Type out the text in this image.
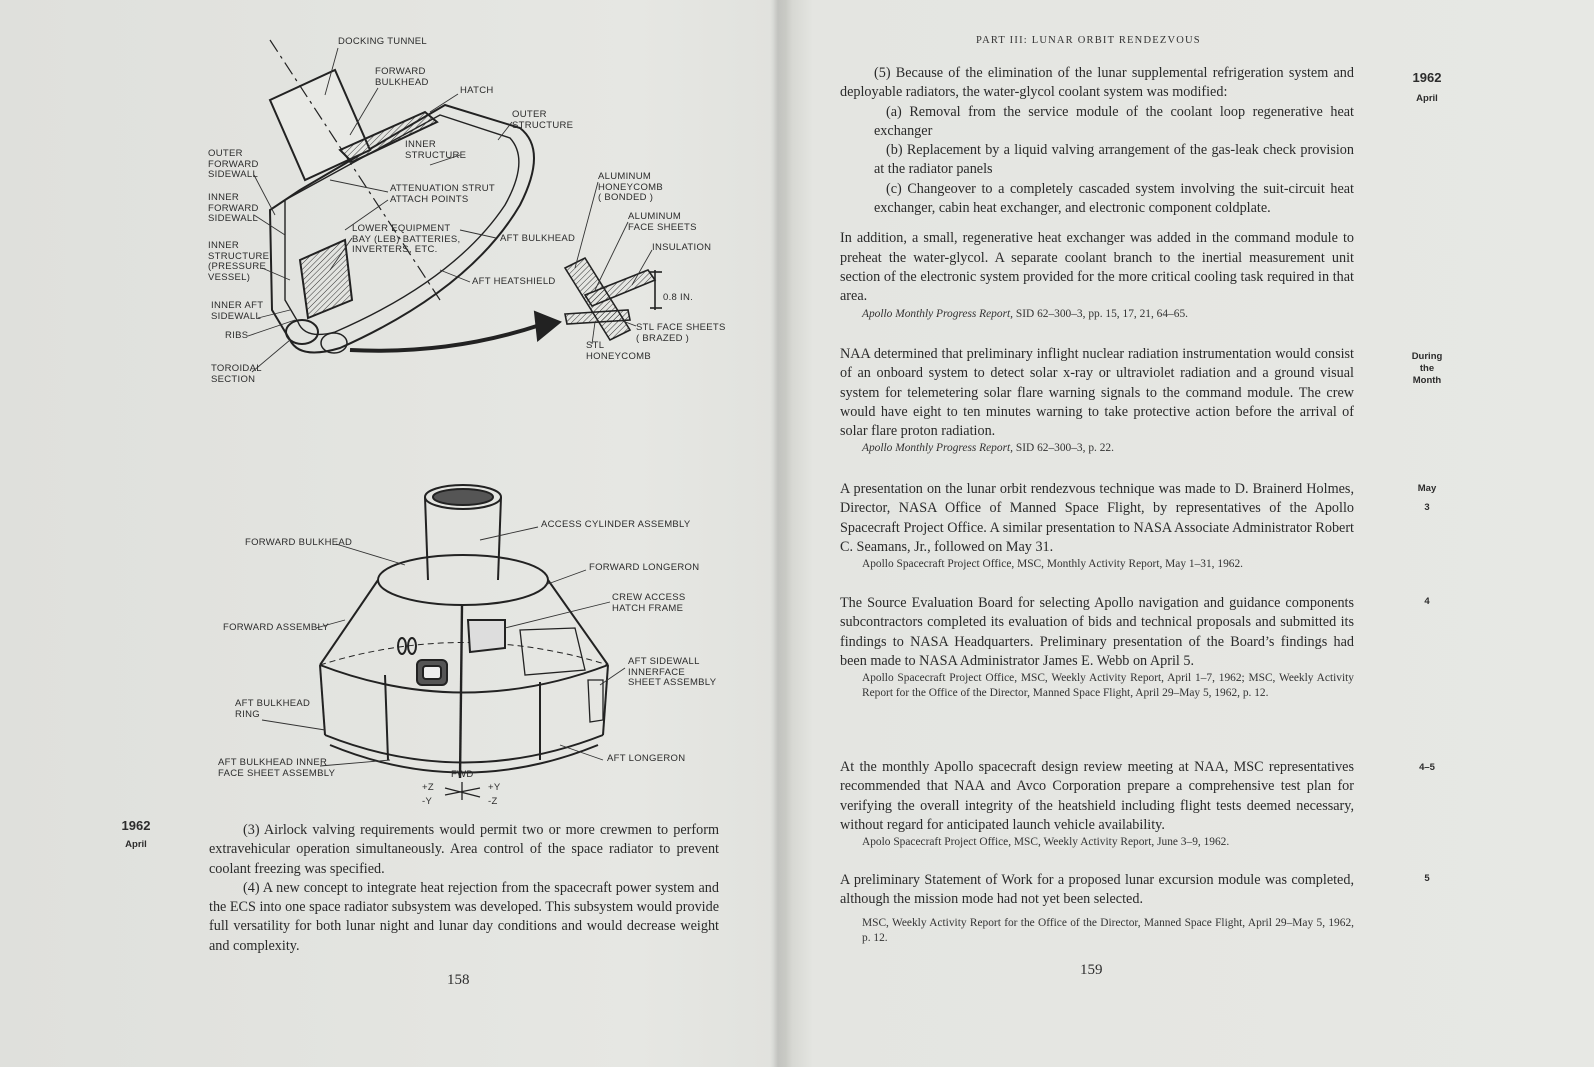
DOCKING TUNNEL
FORWARD
BULKHEAD
HATCH
OUTER
STRUCTURE
INNER
STRUCTURE
OUTER
FORWARD
SIDEWALL
ATTENUATION STRUT
ATTACH POINTS
INNER
FORWARD
SIDEWALL
LOWER EQUIPMENT
BAY (LEB) BATTERIES,
INVERTERS, ETC.
AFT BULKHEAD
INNER
STRUCTURE
(PRESSURE
VESSEL)	AFT HEATSHIELD
INNER AFT
SIDEWALL
RIBS
TOROIDAL
SECTION
ALUMINUM
HONEYCOMB
( BONDED )
ALUMINUM
FACE SHEETS
INSULATION
0.8 IN.
STL FACE SHEETS
( BRAZED )
STL
HONEYCOMB
ACCESS CYLINDER ASSEMBLY
FORWARD BULKHEAD
FORWARD LONGERON
CREW ACCESS
HATCH FRAME
FORWARD ASSEMBLY
AFT SIDEWALL
INNERFACE
SHEET ASSEMBLY
AFT BULKHEAD
RING
AFT LONGERON
AFT BULKHEAD INNER
FACE SHEET ASSEMBLY	FWD
+Z	+Y
-Y	-Z
1962
April

(3) Airlock valving requirements would permit two or more crewmen to perform extravehicular operation simultaneously. Area control of the space radiator to prevent coolant freezing was specified.

(4) A new concept to integrate heat rejection from the spacecraft power system and the ECS into one space radiator subsystem was developed. This subsystem would provide full versatility for both lunar night and lunar day conditions and would decrease weight and complexity.

158
PART III: LUNAR ORBIT RENDEZVOUS
1962
April
During
the
Month
May
3
4
4–5
5

(5) Because of the elimination of the lunar supplemental refrigeration system and deployable radiators, the water-glycol coolant system was modified:

(a) Removal from the service module of the coolant loop regenerative heat exchanger

(b) Replacement by a liquid valving arrangement of the gas-leak check provision at the radiator panels

(c) Changeover to a completely cascaded system involving the suit-circuit heat exchanger, cabin heat exchanger, and electronic component coldplate.

In addition, a small, regenerative heat exchanger was added in the command module to preheat the water-glycol. A separate coolant branch to the inertial measurement unit section of the electronic system provided for the more critical cooling task required in that area.

Apollo Monthly Progress Report, SID 62–300–3, pp. 15, 17, 21, 64–65.

NAA determined that preliminary inflight nuclear radiation instrumentation would consist of an onboard system to detect solar x-ray or ultraviolet radiation and a ground visual system for telemetering solar flare warning signals to the command module. The crew would have eight to ten minutes warning to take protective action before the arrival of solar flare proton radiation.

Apollo Monthly Progress Report, SID 62–300–3, p. 22.

A presentation on the lunar orbit rendezvous technique was made to D. Brainerd Holmes, Director, NASA Office of Manned Space Flight, by representatives of the Apollo Spacecraft Project Office. A similar presentation to NASA Associate Administrator Robert C. Seamans, Jr., followed on May 31.

Apollo Spacecraft Project Office, MSC, Monthly Activity Report, May 1–31, 1962.

The Source Evaluation Board for selecting Apollo navigation and guidance components subcontractors completed its evaluation of bids and technical proposals and submitted its findings to NASA Headquarters. Preliminary presentation of the Board’s findings had been made to NASA Administrator James E. Webb on April 5.

Apollo Spacecraft Project Office, MSC, Weekly Activity Report, April 1–7, 1962; MSC, Weekly Activity Report for the Office of the Director, Manned Space Flight, April 29–May 5, 1962, p. 12.

At the monthly Apollo spacecraft design review meeting at NAA, MSC representatives recommended that NAA and Avco Corporation prepare a comprehensive test plan for verifying the overall integrity of the heatshield including flight tests deemed necessary, without regard for anticipated launch vehicle availability.

Apolo Spacecraft Project Office, MSC, Weekly Activity Report, June 3–9, 1962.

A preliminary Statement of Work for a proposed lunar excursion module was completed, although the mission mode had not yet been selected.

MSC, Weekly Activity Report for the Office of the Director, Manned Space Flight, April 29–May 5, 1962, p. 12.

159
